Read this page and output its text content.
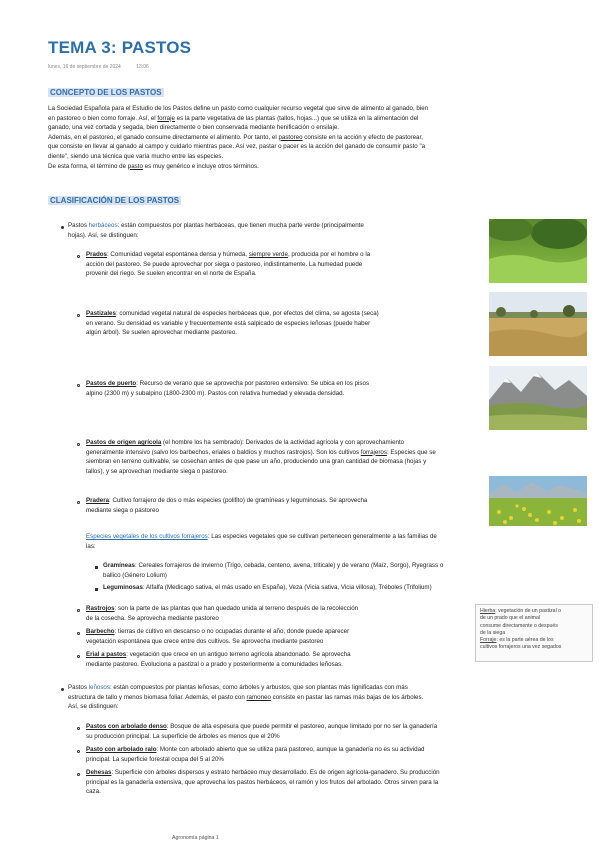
TEMA 3: PASTOS
lunes, 16 de septiembre de 2024	13:06
CONCEPTO DE LOS PASTOS
La Sociedad Española para el Estudio de los Pastos define un pasto como cualquier recurso vegetal que sirve de alimento al ganado, bien
en pastoreo o bien como forraje. Así, el forraje es la parte vegetativa de las plantas (tallos, hojas...) que se utiliza en la alimentación del
ganado, una vez cortada y segada, bien directamente o bien conservada mediante henificación o ensilaje.
Además, en el pastoreo, el ganado consume directamente el alimento. Por tanto, el pastoreo consiste en la acción y efecto de pastorear,
que consiste en llevar al ganado al campo y cuidarlo mientras pace. Así vez, pastar o pacer es la acción del ganado de consumir pasto "a
diente", siendo una técnica que varía mucho entre las especies.
De esta forma, el término de pasto es muy genérico e incluye otros términos.
CLASIFICACIÓN DE LOS PASTOS
Pastos herbáceos: están compuestos por plantas herbáceas, que tienen mucha parte verde (principalmente
hojas). Así, se distinguen:
Prados: Comunidad vegetal espontánea densa y húmeda, siempre verde, producida por el hombre o la
acción del pastoreo. Se puede aprovechar por siega o pastoreo, indistintamente. La humedad puede
provenir del riego. Se suelen encontrar en el norte de España.
Pastizales: comunidad vegetal natural de especies herbáceas que, por efectos del clima, se agosta (seca)
en verano. Su densidad es variable y frecuentemente está salpicado de especies leñosas (puede haber
algún árbol). Se suelen aprovechar mediante pastoreo.
Pastos de puerto: Recurso de verano que se aprovecha por pastoreo extensivo. Se ubica en los pisos
alpino (2300 m) y subalpino (1800-2300 m). Pastos con relativa humedad y elevada densidad.
Pastos de origen agrícola (el hombre los ha sembrado): Derivados de la actividad agrícola y con aprovechamiento
generalmente intensivo (salvo los barbechos, eriales o baldíos y muchos rastrojos). Son los cultivos forrajeros: Especies que se
siembran en terreno cultivable, se cosechan antes de que pase un año, produciendo una gran cantidad de biomasa (hojas y
tallos), y se aprovechan mediante siega o pastoreo.
Pradera: Cultivo forrajero de dos o más especies (polifito) de gramíneas y leguminosas. Se aprovecha
mediante siega o pastoreo
Especies vegetales de los cultivos forrajeros: Las especies vegetales que se cultivan pertenecen generalmente a las familias de
las:
Gramíneas: Cereales forrajeros de invierno (Trigo, cebada, centeno, avena, triticale) y de verano (Maíz, Sorgo), Ryegrass o
ballico (Género Lolium)
Leguminosas: Alfalfa (Medicago sativa, el más usado en España), Veza (Vicia sativa, Vicia villosa), Tréboles (Trifolium)
Rastrojos: son la parte de las plantas que han quedado unida al terreno después de la recolección
de la cosecha. Se aprovecha mediante pastoreo
Barbecho: tierras de cultivo en descanso o no ocupadas durante el año, donde puede aparecer
vegetación espontánea que crece entre dos cultivos. Se aprovecha mediante pastoreo
Erial a pastos: vegetación que crece en un antiguo terreno agrícola abandonado. Se aprovecha
mediante pastoreo. Evoluciona a pastizal o a prado y posteriormente a comunidades leñosas.
Pastos leñosos: están compuestos por plantas leñosas, como árboles y arbustos, que son plantas más lignificadas con más
estructura de tallo y menos biomasa foliar. Además, el pasto con ramoneo consiste en pastar las ramas más bajas de los árboles.
Así, se distinguen:
Pastos con arbolado denso: Bosque de alta espesura que puede permitir el pastoreo, aunque limitado por no ser la ganadería
su producción principal. La superficie de árboles es menos que el 20%
Pasto con arbolado ralo: Monte con arbolado abierto que se utiliza para pastoreo, aunque la ganadería no es su actividad
principal. La superficie forestal ocupa del 5 al 20%
Dehesas: Superficie con árboles dispersos y estrato herbáceo muy desarrollado. Es de origen agrícola-ganadero. Su producción
principal es la ganadería extensiva, que aprovecha los pastos herbáceos, el ramón y los frutos del arbolado. Otros sirven para la
caza.
Hierba: vegetación de un pastizal o
de un prado que el animal
consume directamente o después
de la siega
Forraje: es la parte aérea de los
cultivos forrajeros una vez segados
Agronomía página 1
